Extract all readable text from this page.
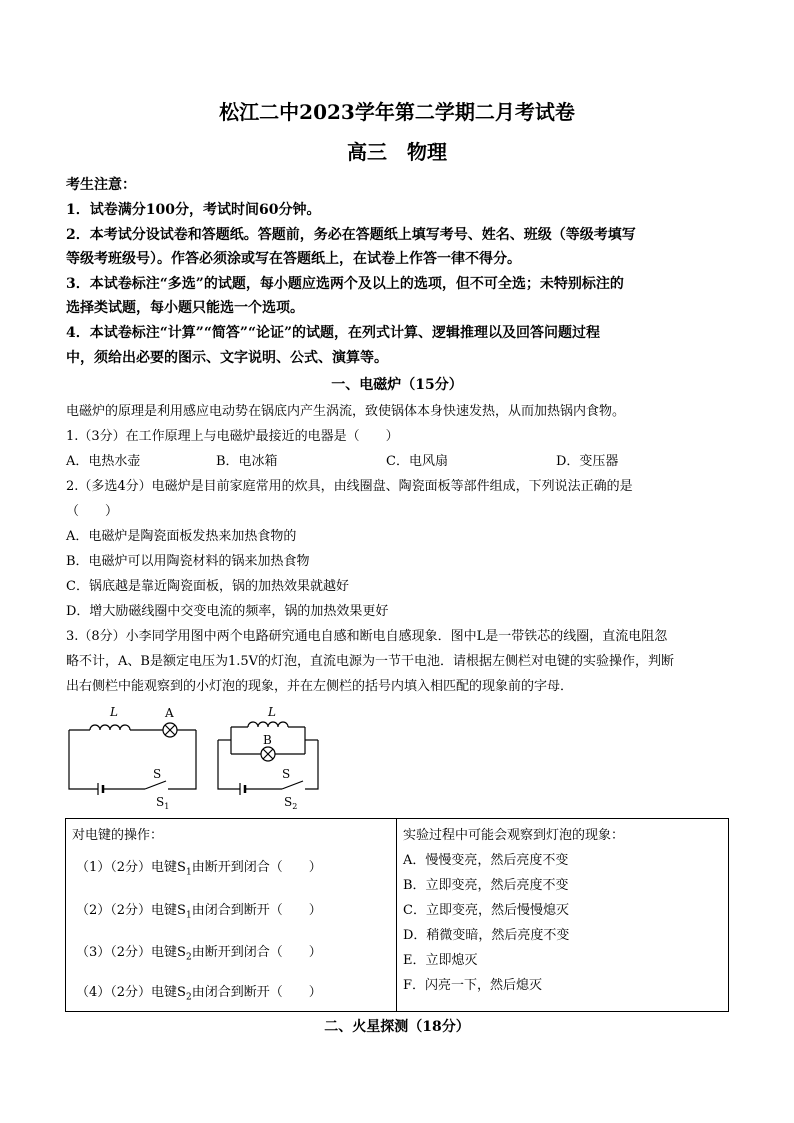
松江二中2023学年第二学期二月考试卷
高三　物理
考生注意：
1．试卷满分100分，考试时间60分钟。
2．本考试分设试卷和答题纸。答题前，务必在答题纸上填写考号、姓名、班级（等级考填写
等级考班级号）。作答必须涂或写在答题纸上，在试卷上作答一律不得分。
3．本试卷标注“多选”的试题，每小题应选两个及以上的选项，但不可全选；未特别标注的
选择类试题，每小题只能选一个选项。
4．本试卷标注“计算”“简答”“论证”的试题，在列式计算、逻辑推理以及回答问题过程
中，须给出必要的图示、文字说明、公式、演算等。
一、电磁炉（15分）
电磁炉的原理是利用感应电动势在锅底内产生涡流，致使锅体本身快速发热，从而加热锅内食物。
1.（3分）在工作原理上与电磁炉最接近的电器是（　　）
A．电热水壶	B．电冰箱	C．电风扇	D．变压器
2.（多选4分）电磁炉是目前家庭常用的炊具，由线圈盘、陶瓷面板等部件组成，下列说法正确的是
（　　）
A．电磁炉是陶瓷面板发热来加热食物的
B．电磁炉可以用陶瓷材料的锅来加热食物
C．锅底越是靠近陶瓷面板，锅的加热效果就越好
D．增大励磁线圈中交变电流的频率，锅的加热效果更好
3.（8分）小李同学用图中两个电路研究通电自感和断电自感现象．图中L是一带铁芯的线圈，直流电阻忽
略不计，A、B是额定电压为1.5V的灯泡，直流电源为一节干电池．请根据左侧栏对电键的实验操作，判断
出右侧栏中能观察到的小灯泡的现象，并在左侧栏的括号内填入相匹配的现象前的字母．
L	L
A
B
S	S
$S_1$	$S_2$
对电键的操作：
（1）（2分）电键$S_1$由断开到闭合（　　）
（2）（2分）电键$S_1$由闭合到断开（　　）
（3）（2分）电键$S_2$由断开到闭合（　　）
（4）（2分）电键$S_2$由闭合到断开（　　）

实验过程中可能会观察到灯泡的现象：
A．慢慢变亮，然后亮度不变
B．立即变亮，然后亮度不变
C．立即变亮，然后慢慢熄灭
D．稍微变暗，然后亮度不变
E．立即熄灭
F．闪亮一下，然后熄灭
二、火星探测（18分）
